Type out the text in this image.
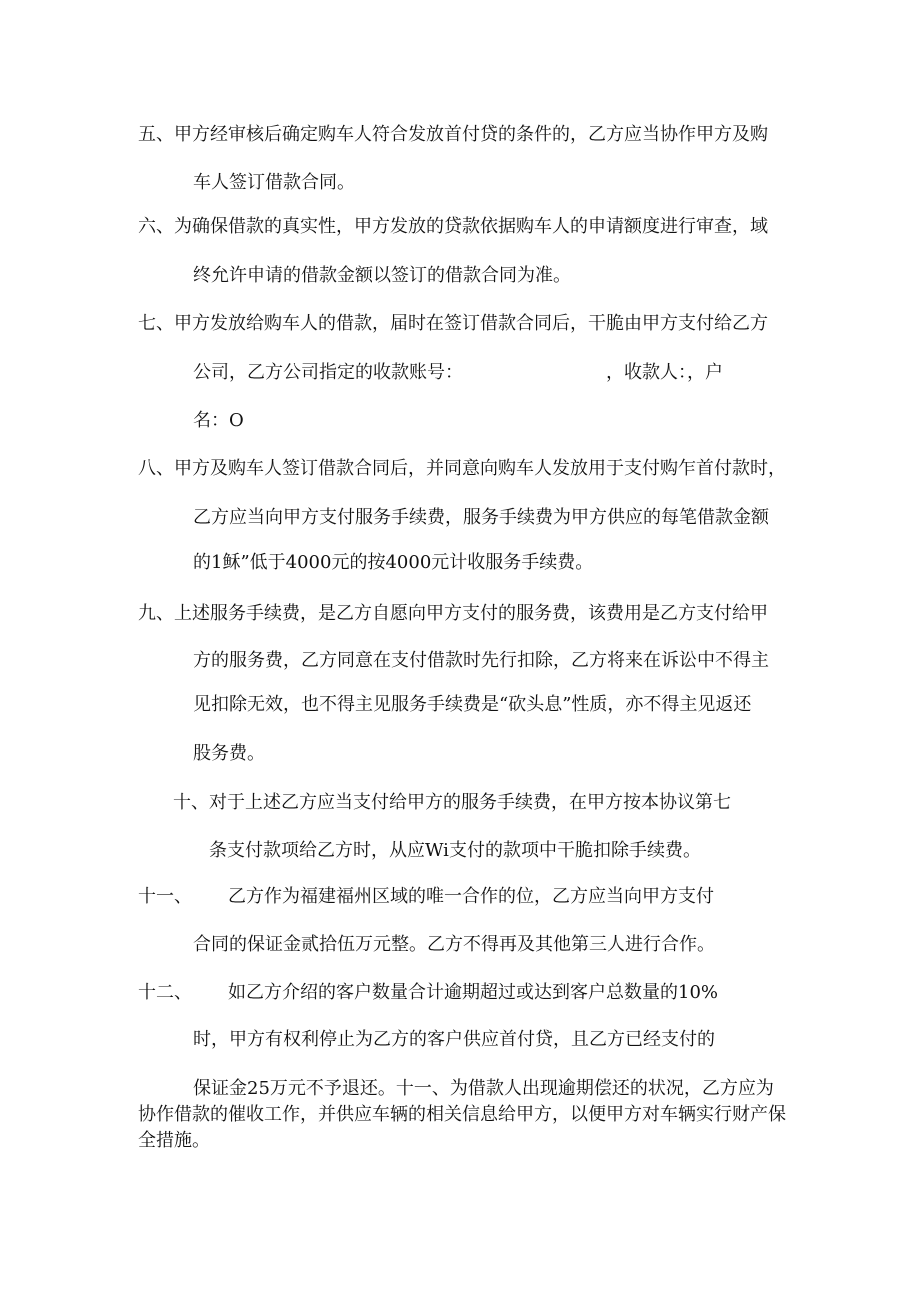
五、甲方经审核后确定购车人符合发放首付贷的条件的，乙方应当协作甲方及购
车人签订借款合同。
六、为确保借款的真实性，甲方发放的贷款依据购车人的申请额度进行审查，域
终允许申请的借款金额以签订的借款合同为准。
七、甲方发放给购车人的借款，届时在签订借款合同后，干脆由甲方支付给乙方
公司，乙方公司指定的收款账号：	，收款人：，户
名：O
八、甲方及购车人签订借款合同后，并同意向购车人发放用于支付购乍首付款时，
乙方应当向甲方支付服务手续费，服务手续费为甲方供应的每笔借款金额
的1稣”低于4000元的按4000元计收服务手续费。
九、上述服务手续费，是乙方自愿向甲方支付的服务费，该费用是乙方支付给甲
方的服务费，乙方同意在支付借款时先行扣除，乙方将来在诉讼中不得主
见扣除无效，也不得主见服务手续费是“砍头息”性质，亦不得主见返还
股务费。
十、对于上述乙方应当支付给甲方的服务手续费，在甲方按本协议第七
条支付款项给乙方时，从应Wi支付的款项中干脆扣除手续费。
十一、 乙方作为福建福州区域的唯一合作的位，乙方应当向甲方支付
合同的保证金贰拾伍万元整。乙方不得再及其他第三人进行合作。
十二、 如乙方介绍的客户数量合计逾期超过或达到客户总数量的10%
时，甲方有权利停止为乙方的客户供应首付贷，且乙方已经支付的
保证金25万元不予退还。十一、为借款人出现逾期偿还的状况，乙方应为协作借款的催收工作，并供应车辆的相关信息给甲方，以便甲方对车辆实行财产保全措施。
